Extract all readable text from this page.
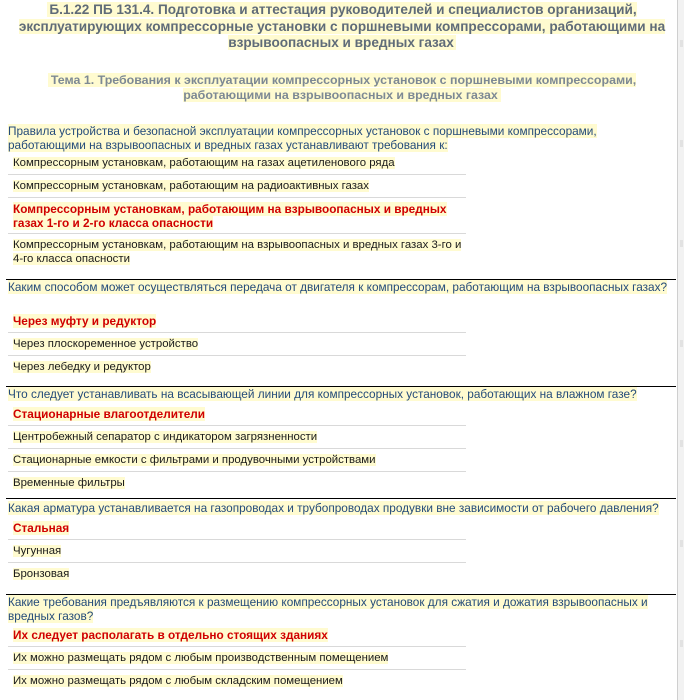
Б.1.22 ПБ 131.4. Подготовка и аттестация руководителей и специалистов организаций, эксплуатирующих компрессорные установки с поршневыми компрессорами, работающими на взрывоопасных и вредных газах
Тема 1. Требования к эксплуатации компрессорных установок с поршневыми компрессорами, работающими на взрывоопасных и вредных газах
Правила устройства и безопасной эксплуатации компрессорных установок с поршневыми компрессорами, работающими на взрывоопасных и вредных газах устанавливают требования к:
Компрессорным установкам, работающим на газах ацетиленового ряда
Компрессорным установкам, работающим на радиоактивных газах
Компрессорным установкам, работающим на взрывоопасных и вредных газах 1-го и 2-го класса опасности
Компрессорным установкам, работающим на взрывоопасных и вредных газах 3-го и 4-го класса опасности
Каким способом может осуществляться передача от двигателя к компрессорам, работающим на взрывоопасных газах?
Через муфту и редуктор
Через плоскоременное устройство
Через лебедку и редуктор
Что следует устанавливать на всасывающей линии для компрессорных установок, работающих на влажном газе?
Стационарные влагоотделители
Центробежный сепаратор с индикатором загрязненности
Стационарные емкости с фильтрами и продувочными устройствами
Временные фильтры
Какая арматура устанавливается на газопроводах и трубопроводах продувки вне зависимости от рабочего давления?
Стальная
Чугунная
Бронзовая
Какие требования предъявляются к размещению компрессорных установок для сжатия и дожатия взрывоопасных и вредных газов?
Их следует располагать в отдельно стоящих зданиях
Их можно размещать рядом с любым производственным помещением
Их можно размещать рядом с любым складским помещением
